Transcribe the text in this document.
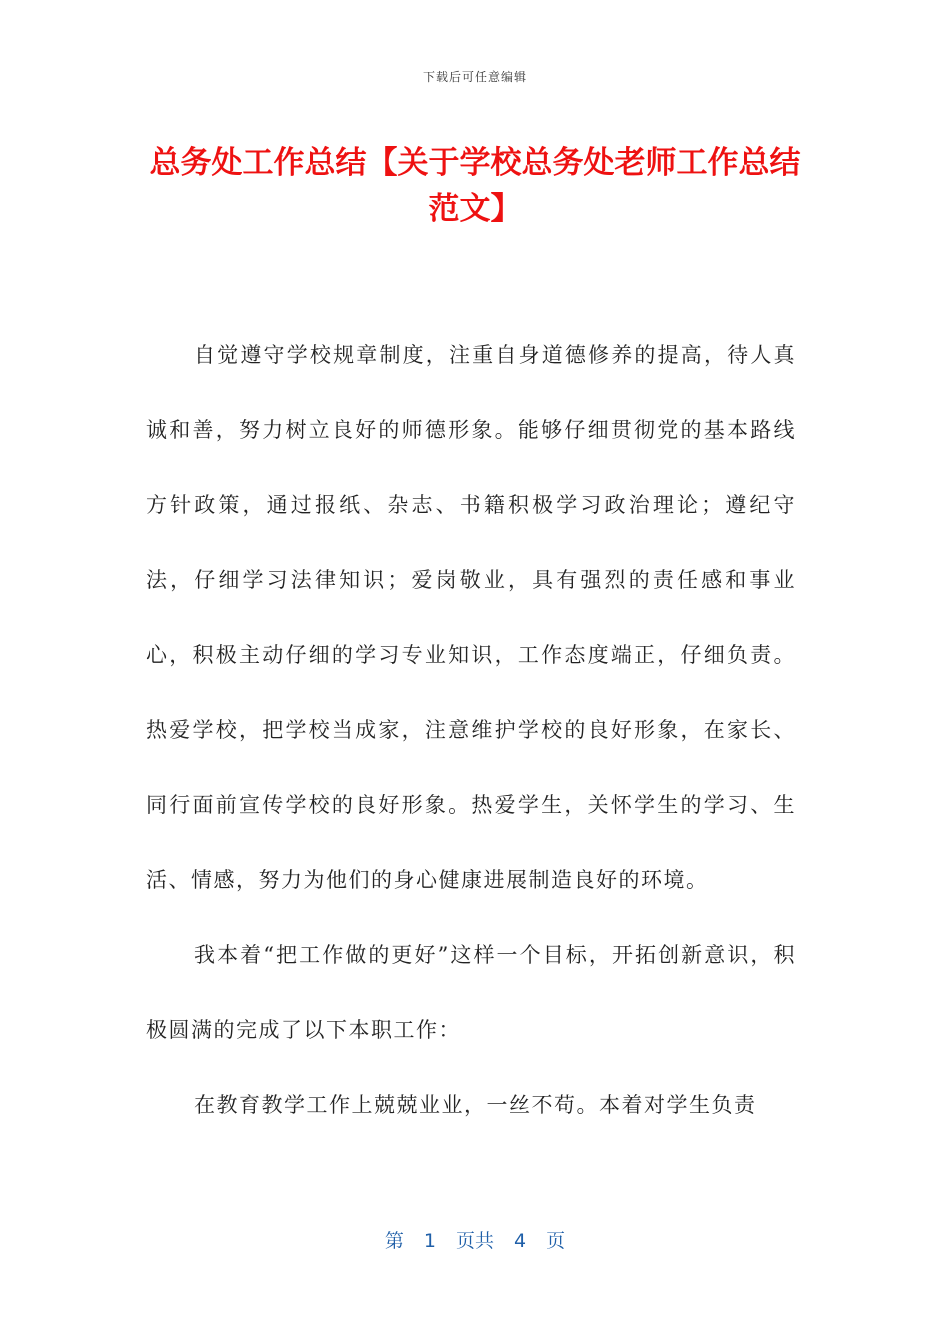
下载后可任意编辑
总务处工作总结【关于学校总务处老师工作总结范文】

自觉遵守学校规章制度，注重自身道德修养的提高，待人真诚和善，努力树立良好的师德形象。能够仔细贯彻党的基本路线方针政策，通过报纸、杂志、书籍积极学习政治理论；遵纪守法，仔细学习法律知识；爱岗敬业，具有强烈的责任感和事业心，积极主动仔细的学习专业知识，工作态度端正，仔细负责。热爱学校，把学校当成家，注意维护学校的良好形象，在家长、同行面前宣传学校的良好形象。热爱学生，关怀学生的学习、生活、情感，努力为他们的身心健康进展制造良好的环境。

我本着“把工作做的更好”这样一个目标，开拓创新意识，积极圆满的完成了以下本职工作：

在教育教学工作上兢兢业业，一丝不苟。本着对学生负责

第 1 页共 4 页
